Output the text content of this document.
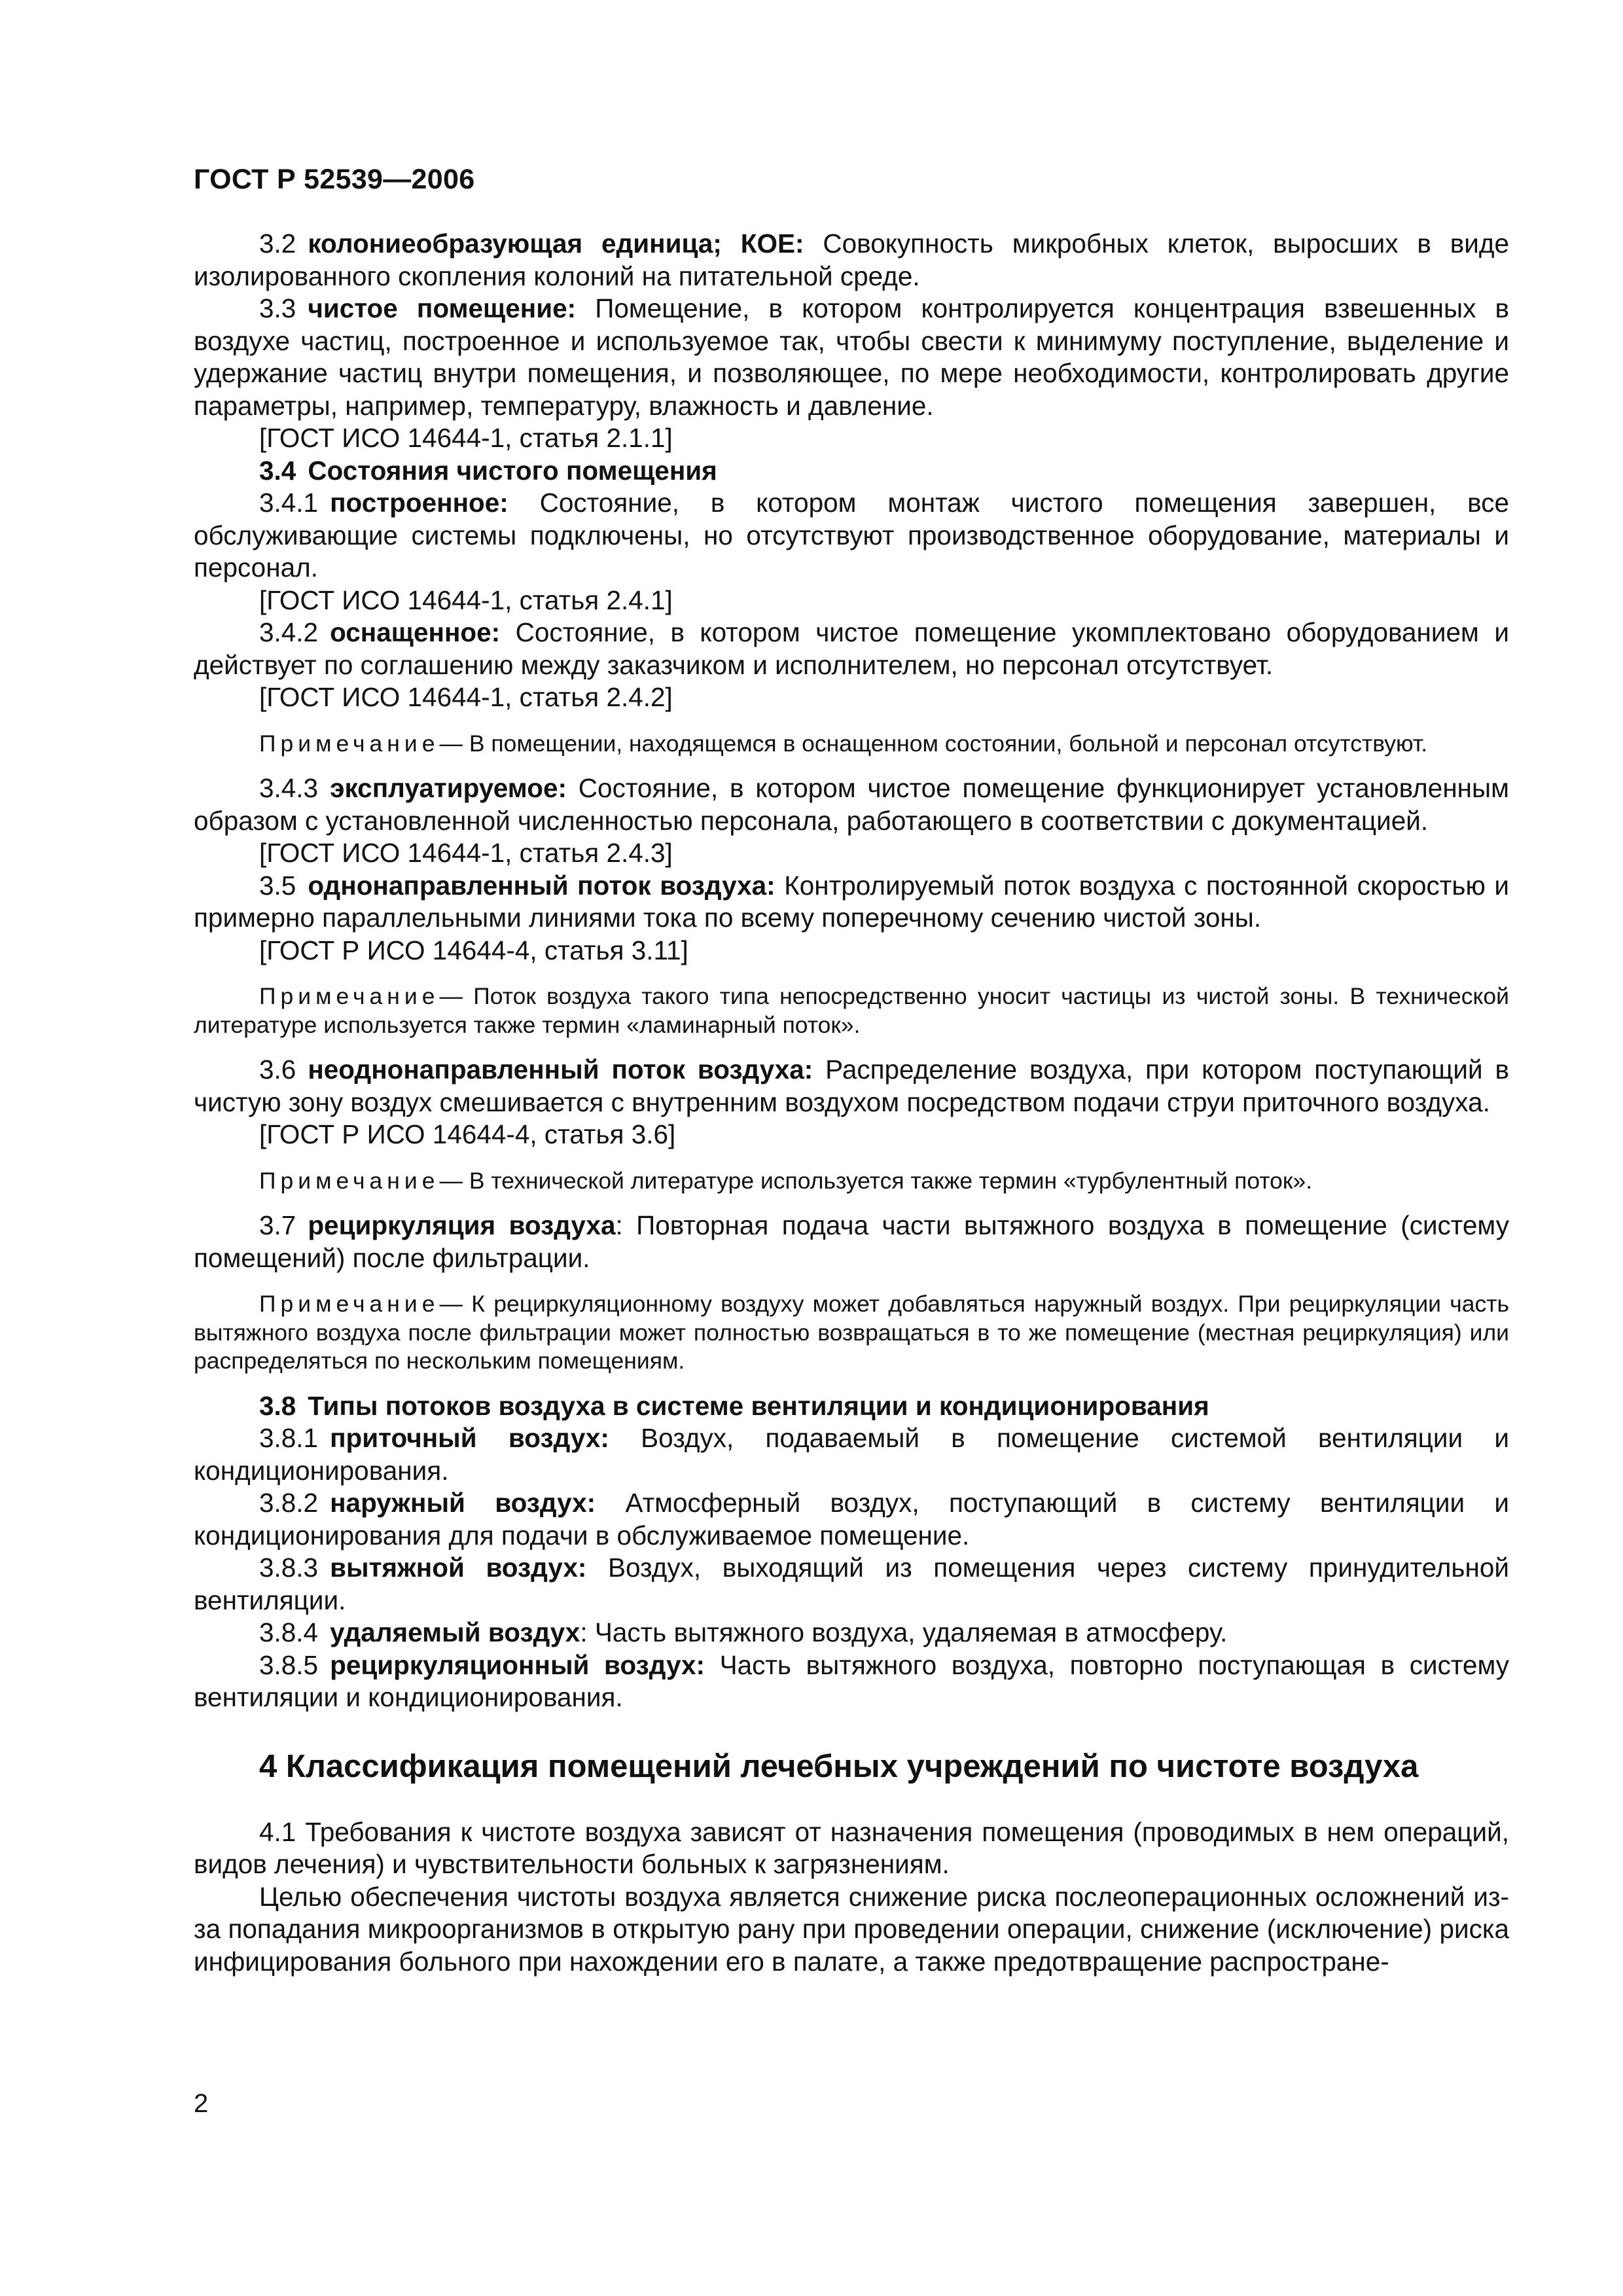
ГОСТ Р 52539—2006

3.2 колониеобразующая единица; КОЕ: Совокупность микробных клеток, выросших в виде изолированного скопления колоний на питательной среде.

3.3 чистое помещение: Помещение, в котором контролируется концентрация взвешенных в воздухе частиц, построенное и используемое так, чтобы свести к минимуму поступление, выделение и удержание частиц внутри помещения, и позволяющее, по мере необходимости, контролировать другие параметры, например, температуру, влажность и давление.

[ГОСТ ИСО 14644-1, статья 2.1.1]

3.4 Состояния чистого помещения

3.4.1 построенное: Состояние, в котором монтаж чистого помещения завершен, все обслуживающие системы подключены, но отсутствуют производственное оборудование, материалы и персонал.

[ГОСТ ИСО 14644-1, статья 2.4.1]

3.4.2 оснащенное: Состояние, в котором чистое помещение укомплектовано оборудованием и действует по соглашению между заказчиком и исполнителем, но персонал отсутствует.

[ГОСТ ИСО 14644-1, статья 2.4.2]

Примечание— В помещении, находящемся в оснащенном состоянии, больной и персонал отсутствуют.

3.4.3 эксплуатируемое: Состояние, в котором чистое помещение функционирует установленным образом с установленной численностью персонала, работающего в соответствии с документацией.

[ГОСТ ИСО 14644-1, статья 2.4.3]

3.5 однонаправленный поток воздуха: Контролируемый поток воздуха с постоянной скоростью и примерно параллельными линиями тока по всему поперечному сечению чистой зоны.

[ГОСТ Р ИСО 14644-4, статья 3.11]

Примечание— Поток воздуха такого типа непосредственно уносит частицы из чистой зоны. В технической литературе используется также термин «ламинарный поток».

3.6 неоднонаправленный поток воздуха: Распределение воздуха, при котором поступающий в чистую зону воздух смешивается с внутренним воздухом посредством подачи струи приточного воздуха.

[ГОСТ Р ИСО 14644-4, статья 3.6]

Примечание— В технической литературе используется также термин «турбулентный поток».

3.7 рециркуляция воздуха: Повторная подача части вытяжного воздуха в помещение (систему помещений) после фильтрации.

Примечание— К рециркуляционному воздуху может добавляться наружный воздух. При рециркуляции часть вытяжного воздуха после фильтрации может полностью возвращаться в то же помещение (местная рециркуляция) или распределяться по нескольким помещениям.

3.8 Типы потоков воздуха в системе вентиляции и кондиционирования

3.8.1 приточный воздух: Воздух, подаваемый в помещение системой вентиляции и кондиционирования.

3.8.2 наружный воздух: Атмосферный воздух, поступающий в систему вентиляции и кондиционирования для подачи в обслуживаемое помещение.

3.8.3 вытяжной воздух: Воздух, выходящий из помещения через систему принудительной вентиляции.

3.8.4 удаляемый воздух: Часть вытяжного воздуха, удаляемая в атмосферу.

3.8.5 рециркуляционный воздух: Часть вытяжного воздуха, повторно поступающая в систему вентиляции и кондиционирования.

4 Классификация помещений лечебных учреждений по чистоте воздуха

4.1 Требования к чистоте воздуха зависят от назначения помещения (проводимых в нем операций, видов лечения) и чувствительности больных к загрязнениям.

Целью обеспечения чистоты воздуха является снижение риска послеоперационных осложнений из-за попадания микроорганизмов в открытую рану при проведении операции, снижение (исключение) риска инфицирования больного при нахождении его в палате, а также предотвращение распростране-

2
